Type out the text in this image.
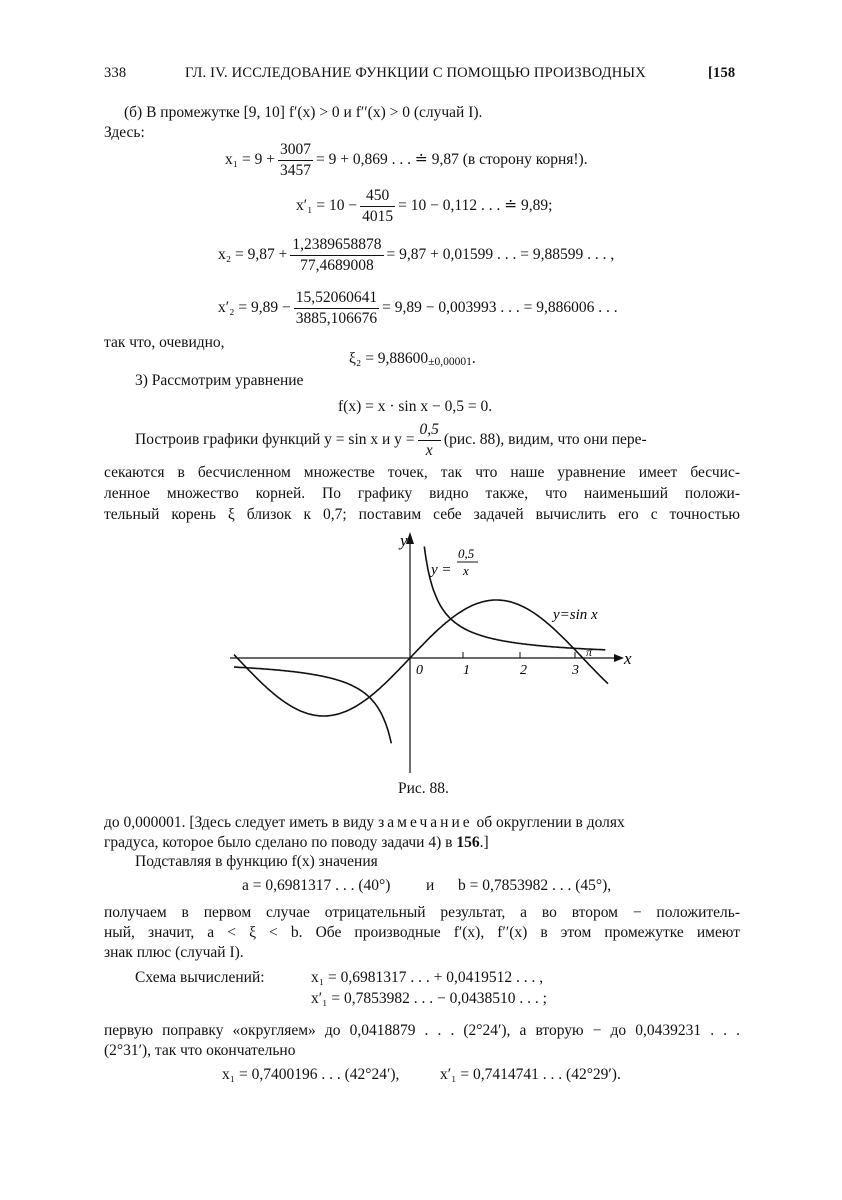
338	ГЛ. IV. ИССЛЕДОВАНИЕ ФУНКЦИИ С ПОМОЩЬЮ ПРОИЗВОДНЫХ	[158
(б) В промежутке [9, 10] f′(x) > 0 и f′′(x) > 0 (случай I).
Здесь:
$x_1 = 9 + \frac{3007}{3457} = 9 + 0,869$ . . . ≐ 9,87 (в сторону корня!).
$x'_1 = 10 - \frac{450}{4015} = 10 - 0,112$ . . . ≐ 9,89;
$x_2 = 9,87 + \frac{1,2389658878}{77,4689008} = 9,87 + 0,01599$ . . . = 9,88599 . . . ,
$x'_2 = 9,89 - \frac{15,52060641}{3885,106676} = 9,89 - 0,003993$ . . . = 9,886006 . . .
так что, очевидно,
ξ₂ = 9,88600±0,00001.
3) Рассмотрим уравнение
f(x) = x · sin x − 0,5 = 0.
Построив графики функций y = sin x и $y = \frac{0,5}{x} (рис$. 88), видим, что они пере-
секаются в бесчисленном множестве точек, так что наше уравнение имеет бесчис-
ленное множество корней. По графику видно также, что наименьший положи-
тельный корень ξ близок к 0,7; поставим себе задачей вычислить его с точностью
y
x
0	1	2	3
π
y =
0,5
x
y=sin x
Рис. 88.
до 0,000001. [Здесь следует иметь в виду замечание об округлении в долях
градуса, которое было сделано по поводу задачи 4) в 156.]
Подставляя в функцию f(x) значения
a = 0,6981317 . . . (40°) и b = 0,7853982 . . . (45°),
получаем в первом случае отрицательный результат, а во втором − положитель-
ный, значит, a < ξ < b. Обе производные f′(x), f′′(x) в этом промежутке имеют
знак плюс (случай I).
Схема вычислений:	x₁ = 0,6981317 . . . + 0,0419512 . . . ,
x′₁ = 0,7853982 . . . − 0,0438510 . . . ;
первую поправку «округляем» до 0,0418879 . . . (2°24′), а вторую − до 0,0439231 . . .
(2°31′), так что окончательно
x₁ = 0,7400196 . . . (42°24′),	x′₁ = 0,7414741 . . . (42°29′).
